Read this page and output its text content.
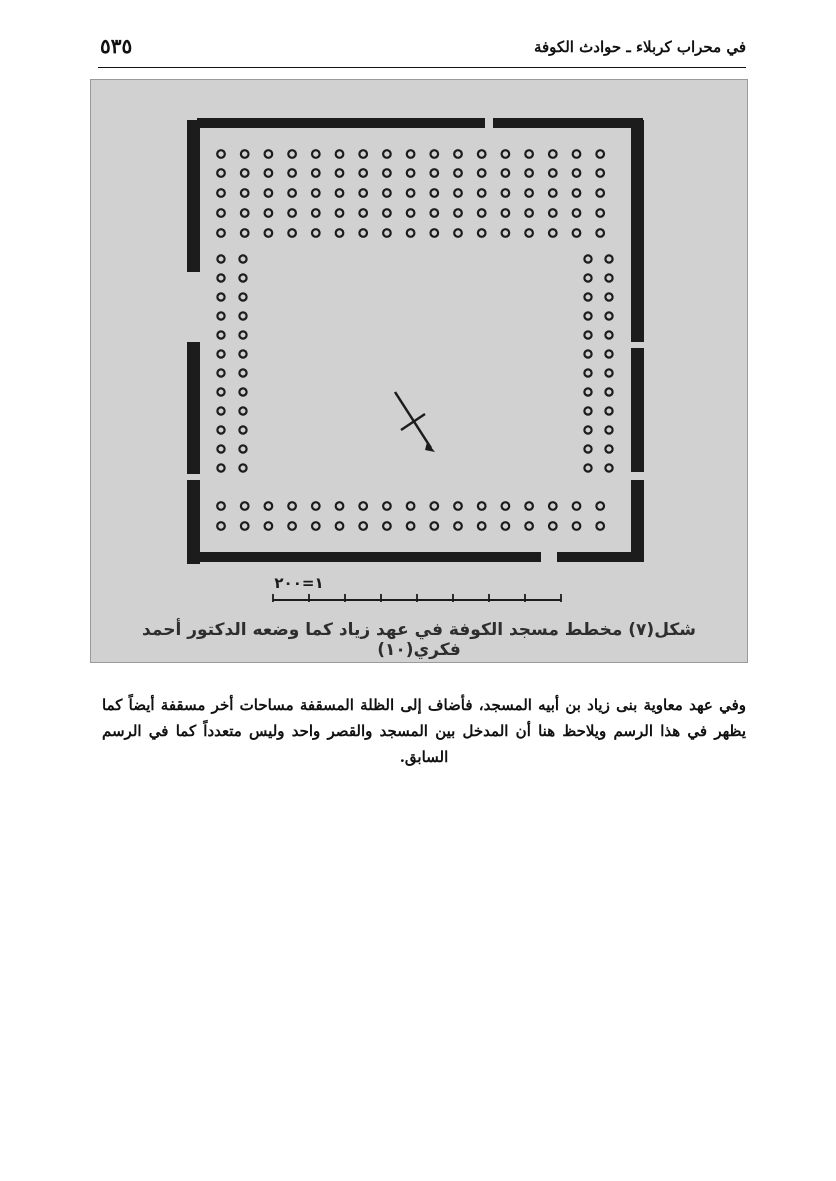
٥٣٥	في محراب كربلاء ـ حوادث الكوفة
١=٢٠٠
شكل(٧) مخطط مسجد الكوفة في عهد زياد كما وضعه الدكتور أحمد فكري(١٠)
وفي عهد معاوية بنى زياد بن أبيه المسجد، فأضاف إلى الظلة المسقفة مساحات أخر مسقفة أيضاً كما يظهر في هذا الرسم ويلاحظ هنا أن المدخل بين المسجد والقصر واحد وليس متعدداً كما في الرسم السابق.
